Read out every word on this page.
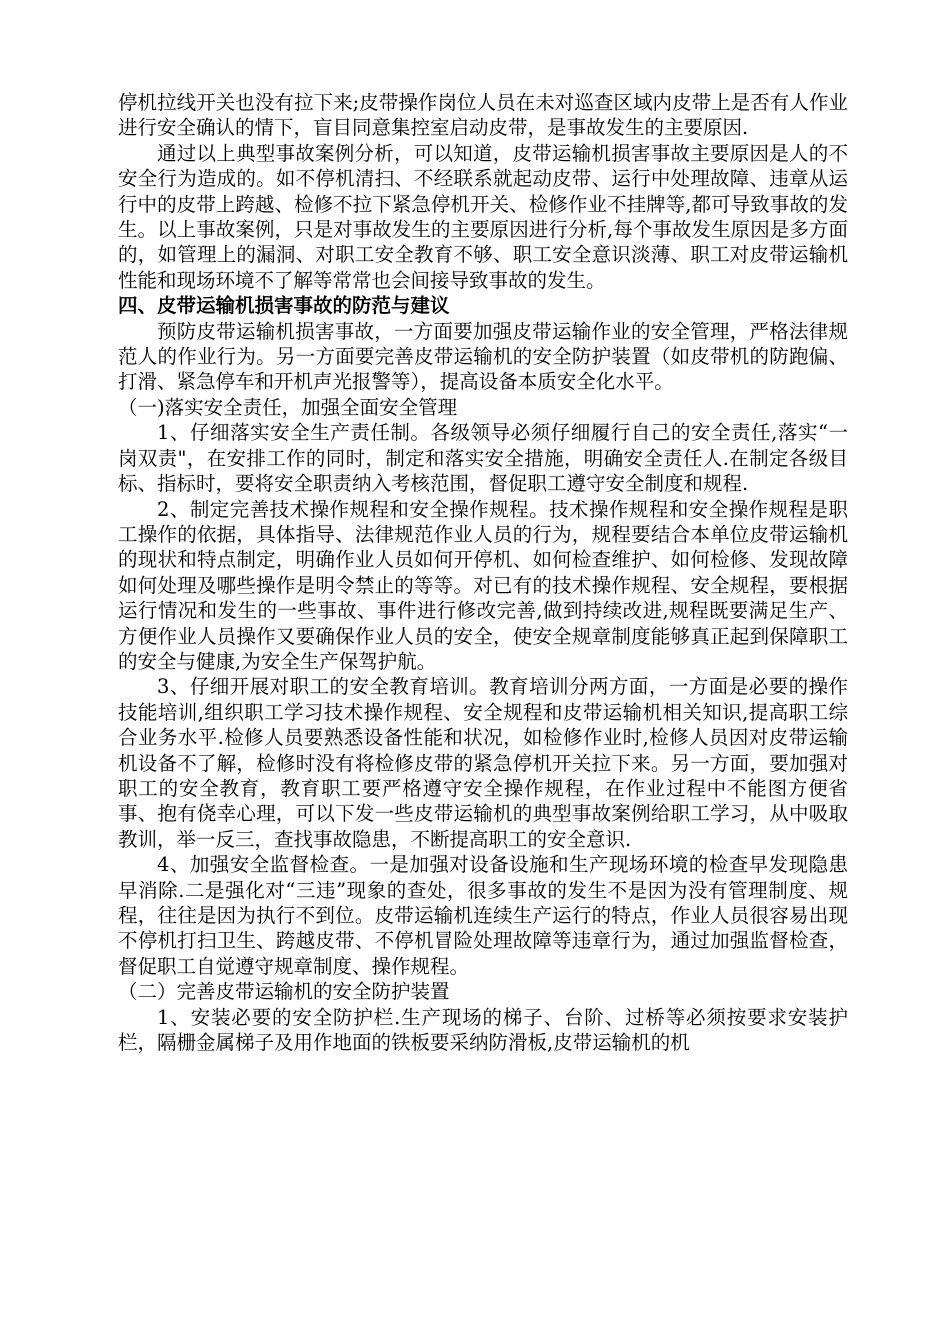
停机拉线开关也没有拉下来;皮带操作岗位人员在未对巡查区域内皮带上是否有人作业进行安全确认的情下，盲目同意集控室启动皮带，是事故发生的主要原因.

通过以上典型事故案例分析，可以知道，皮带运输机损害事故主要原因是人的不安全行为造成的。如不停机清扫、不经联系就起动皮带、运行中处理故障、违章从运行中的皮带上跨越、检修不拉下紧急停机开关、检修作业不挂牌等,都可导致事故的发生。以上事故案例，只是对事故发生的主要原因进行分析,每个事故发生原因是多方面的，如管理上的漏洞、对职工安全教育不够、职工安全意识淡薄、职工对皮带运输机性能和现场环境不了解等常常也会间接导致事故的发生。

四、皮带运输机损害事故的防范与建议

预防皮带运输机损害事故，一方面要加强皮带运输作业的安全管理，严格法律规范人的作业行为。另一方面要完善皮带运输机的安全防护装置（如皮带机的防跑偏、打滑、紧急停车和开机声光报警等），提高设备本质安全化水平。

（一)落实安全责任，加强全面安全管理

1、仔细落实安全生产责任制。各级领导必须仔细履行自己的安全责任,落实“一岗双责"，在安排工作的同时，制定和落实安全措施，明确安全责任人.在制定各级目标、指标时，要将安全职责纳入考核范围，督促职工遵守安全制度和规程.

2、制定完善技术操作规程和安全操作规程。技术操作规程和安全操作规程是职工操作的依据，具体指导、法律规范作业人员的行为，规程要结合本单位皮带运输机的现状和特点制定，明确作业人员如何开停机、如何检查维护、如何检修、发现故障如何处理及哪些操作是明令禁止的等等。对已有的技术操作规程、安全规程，要根据运行情况和发生的一些事故、事件进行修改完善,做到持续改进,规程既要满足生产、方便作业人员操作又要确保作业人员的安全，使安全规章制度能够真正起到保障职工的安全与健康,为安全生产保驾护航。

3、仔细开展对职工的安全教育培训。教育培训分两方面，一方面是必要的操作技能培训,组织职工学习技术操作规程、安全规程和皮带运输机相关知识,提高职工综合业务水平.检修人员要熟悉设备性能和状况，如检修作业时,检修人员因对皮带运输机设备不了解，检修时没有将检修皮带的紧急停机开关拉下来。另一方面，要加强对职工的安全教育，教育职工要严格遵守安全操作规程，在作业过程中不能图方便省事、抱有侥幸心理，可以下发一些皮带运输机的典型事故案例给职工学习，从中吸取教训，举一反三，查找事故隐患，不断提高职工的安全意识.

4、加强安全监督检查。一是加强对设备设施和生产现场环境的检查早发现隐患早消除.二是强化对“三违”现象的查处，很多事故的发生不是因为没有管理制度、规程，往往是因为执行不到位。皮带运输机连续生产运行的特点，作业人员很容易出现不停机打扫卫生、跨越皮带、不停机冒险处理故障等违章行为，通过加强监督检查，督促职工自觉遵守规章制度、操作规程。

（二）完善皮带运输机的安全防护装置

1、安装必要的安全防护栏.生产现场的梯子、台阶、过桥等必须按要求安装护栏，隔栅金属梯子及用作地面的铁板要采纳防滑板,皮带运输机的机
